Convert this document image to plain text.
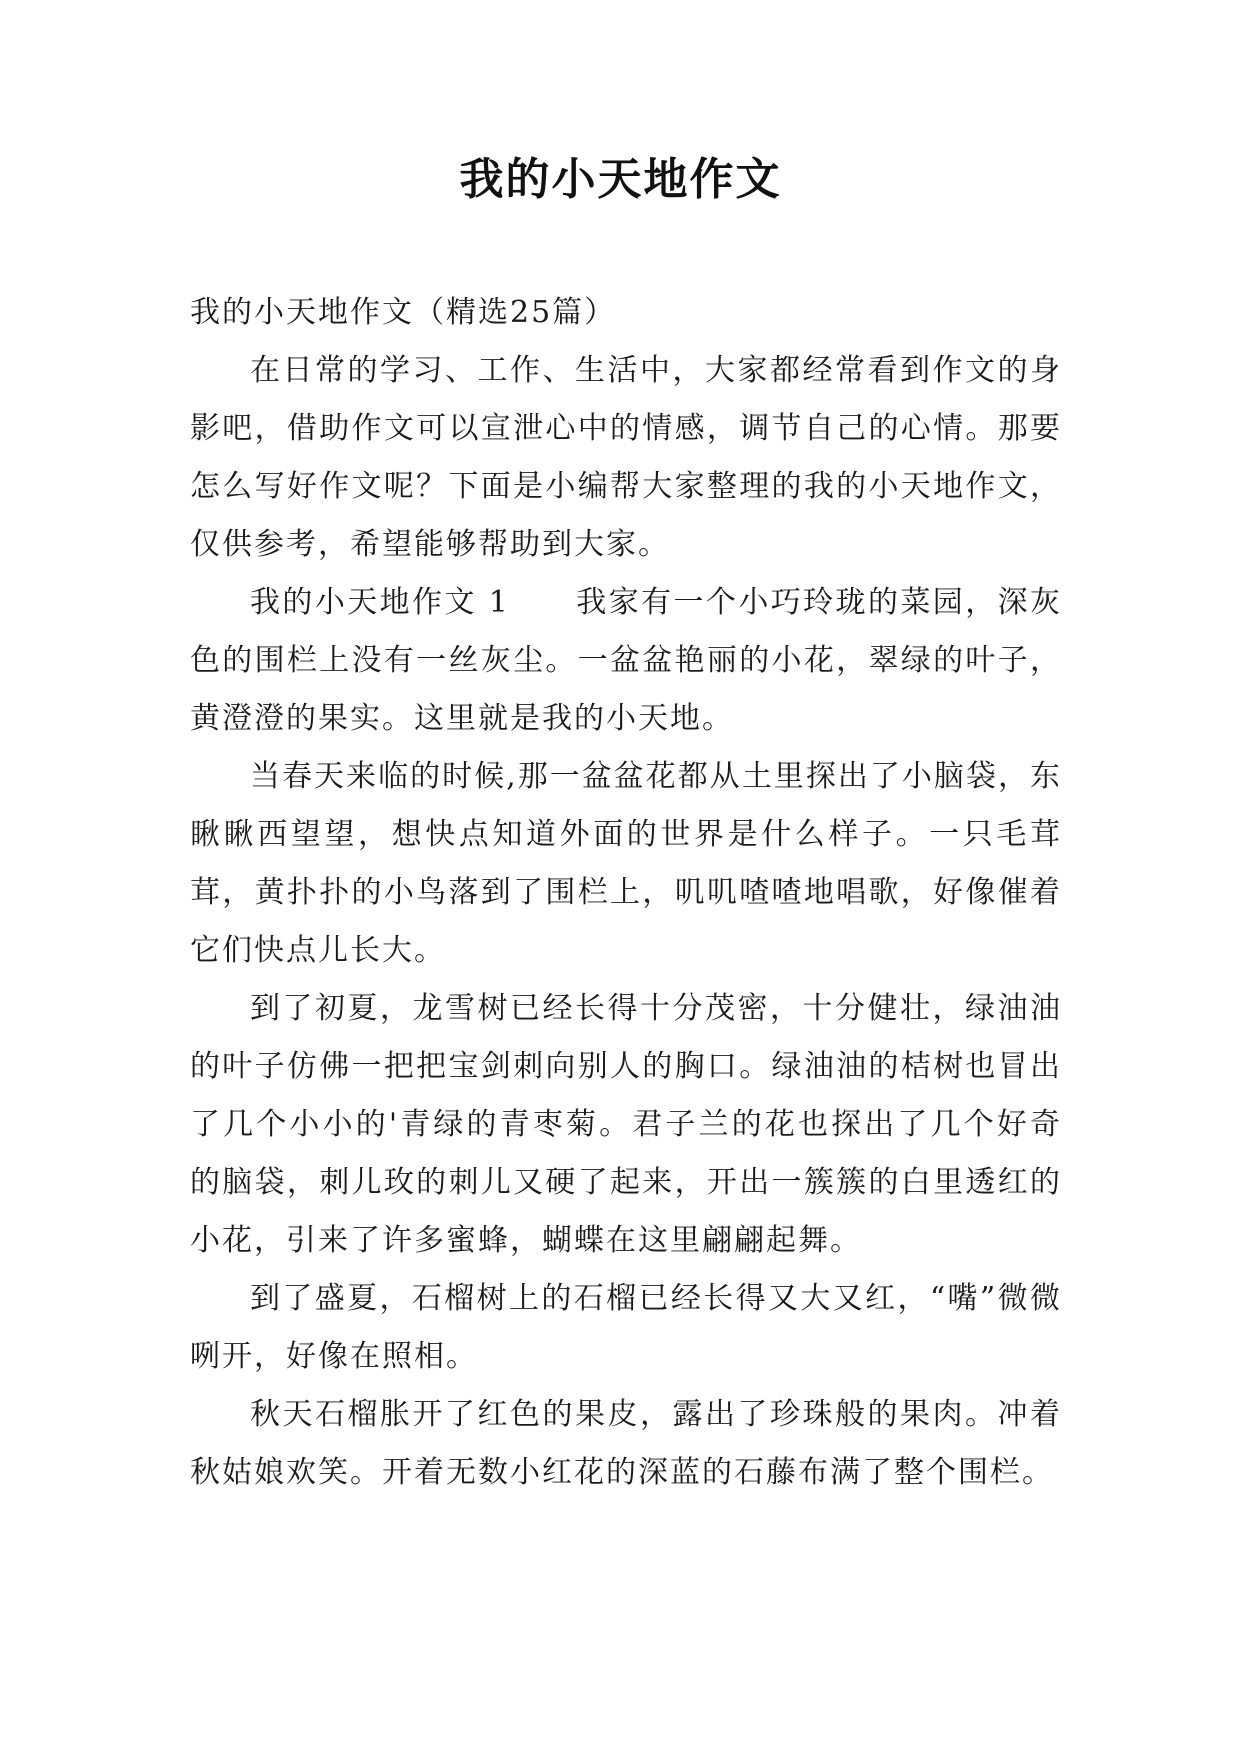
我的小天地作文

我的小天地作文（精选25篇）

在日常的学习、工作、生活中，大家都经常看到作文的身影吧，借助作文可以宣泄心中的情感，调节自己的心情。那要怎么写好作文呢？下面是小编帮大家整理的我的小天地作文，仅供参考，希望能够帮助到大家。

我的小天地作文 1 我家有一个小巧玲珑的菜园，深灰色的围栏上没有一丝灰尘。一盆盆艳丽的小花，翠绿的叶子，黄澄澄的果实。这里就是我的小天地。

当春天来临的时候,那一盆盆花都从土里探出了小脑袋，东瞅瞅西望望，想快点知道外面的世界是什么样子。一只毛茸茸，黄扑扑的小鸟落到了围栏上，叽叽喳喳地唱歌，好像催着它们快点儿长大。

到了初夏，龙雪树已经长得十分茂密，十分健壮，绿油油的叶子仿佛一把把宝剑刺向别人的胸口。绿油油的桔树也冒出了几个小小的'青绿的青枣菊。君子兰的花也探出了几个好奇的脑袋，刺儿玫的刺儿又硬了起来，开出一簇簇的白里透红的小花，引来了许多蜜蜂，蝴蝶在这里翩翩起舞。

到了盛夏，石榴树上的石榴已经长得又大又红，“嘴”微微咧开，好像在照相。

秋天石榴胀开了红色的果皮，露出了珍珠般的果肉。冲着秋姑娘欢笑。开着无数小红花的深蓝的石藤布满了整个围栏。
